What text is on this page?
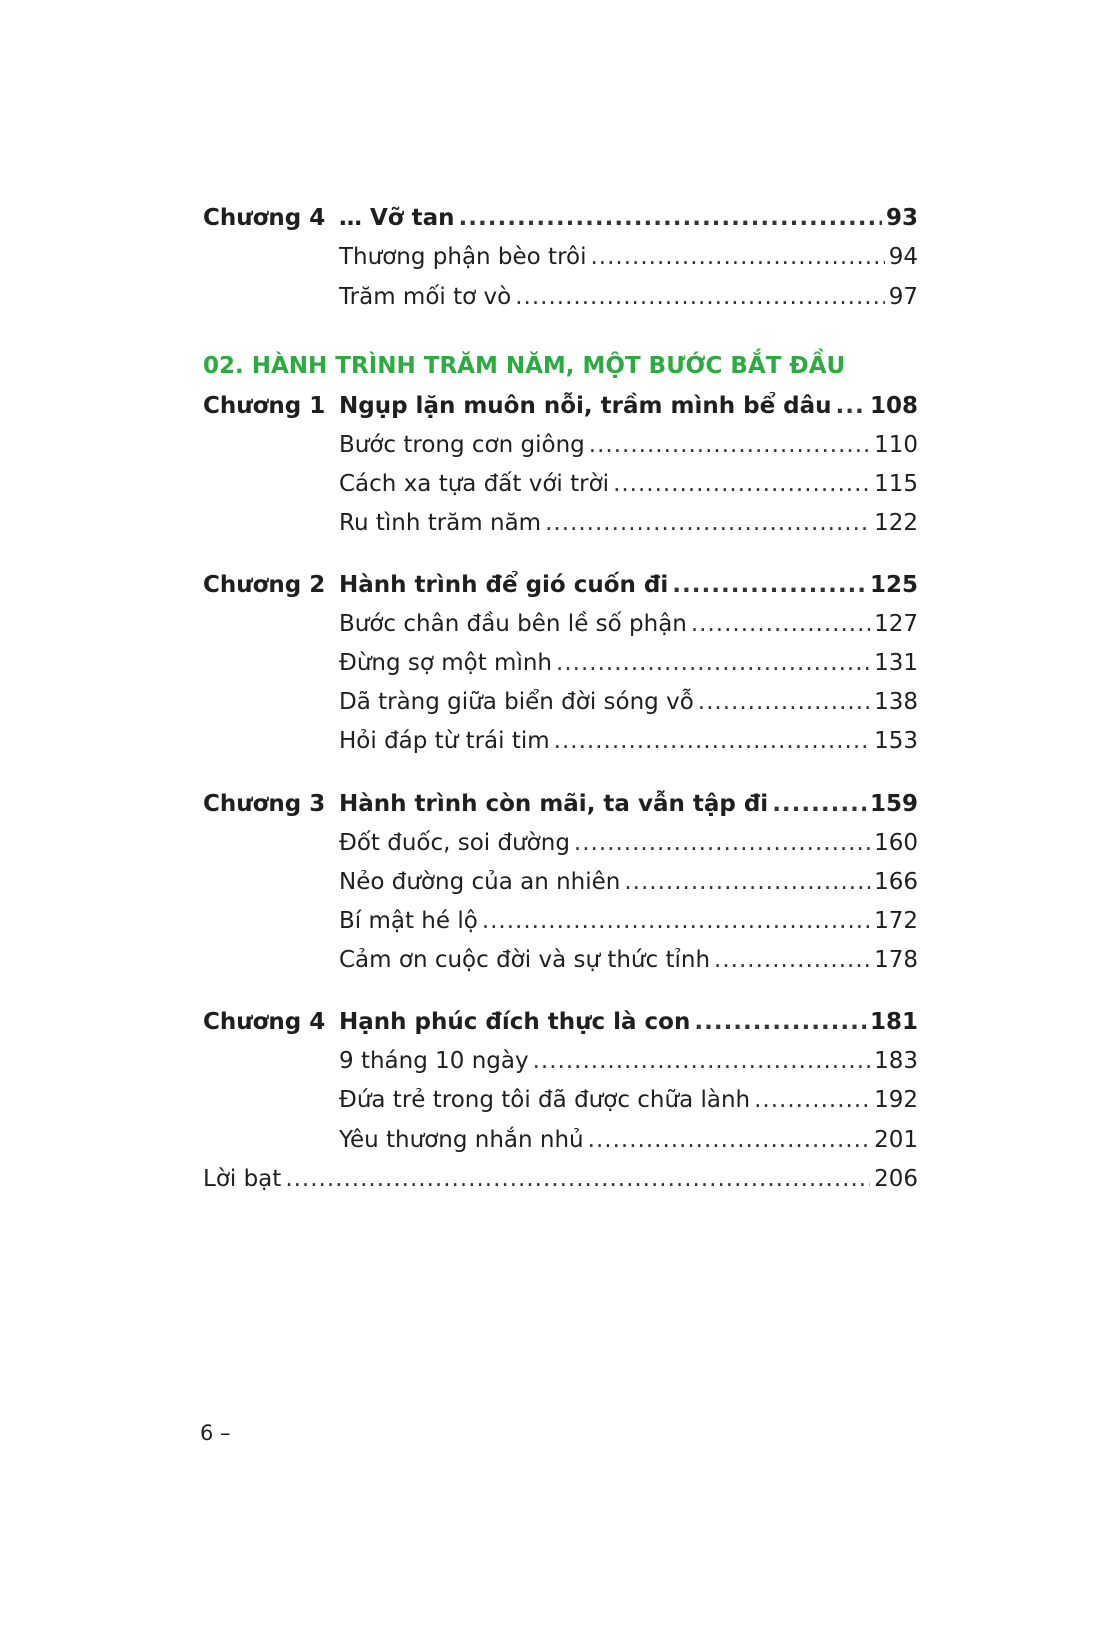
Chương 4 … Vỡ tan .....	93
Thương phận bèo trôi .....	94
Trăm mối tơ vò .....	97
02. HÀNH TRÌNH TRĂM NĂM, MỘT BƯỚC BẮT ĐẦU
Chương 1 Ngụp lặn muôn nỗi, trầm mình bể dâu ..... 108
Bước trong cơn giông .....	110
Cách xa tựa đất với trời .....	115
Ru tình trăm năm .....	122
Chương 2 Hành trình để gió cuốn đi .....	125
Bước chân đầu bên lề số phận .....	127
Đừng sợ một mình .....	131
Dã tràng giữa biển đời sóng vỗ .....	138
Hỏi đáp từ trái tim .....	153
Chương 3 Hành trình còn mãi, ta vẫn tập đi .....	159
Đốt đuốc, soi đường .....	160
Nẻo đường của an nhiên .....	166
Bí mật hé lộ .....	172
Cảm ơn cuộc đời và sự thức tỉnh .....	178
Chương 4 Hạnh phúc đích thực là con .....	181
9 tháng 10 ngày .....	183
Đứa trẻ trong tôi đã được chữa lành .....	192
Yêu thương nhắn nhủ .....	201
Lời bạt .....	206
6 –
